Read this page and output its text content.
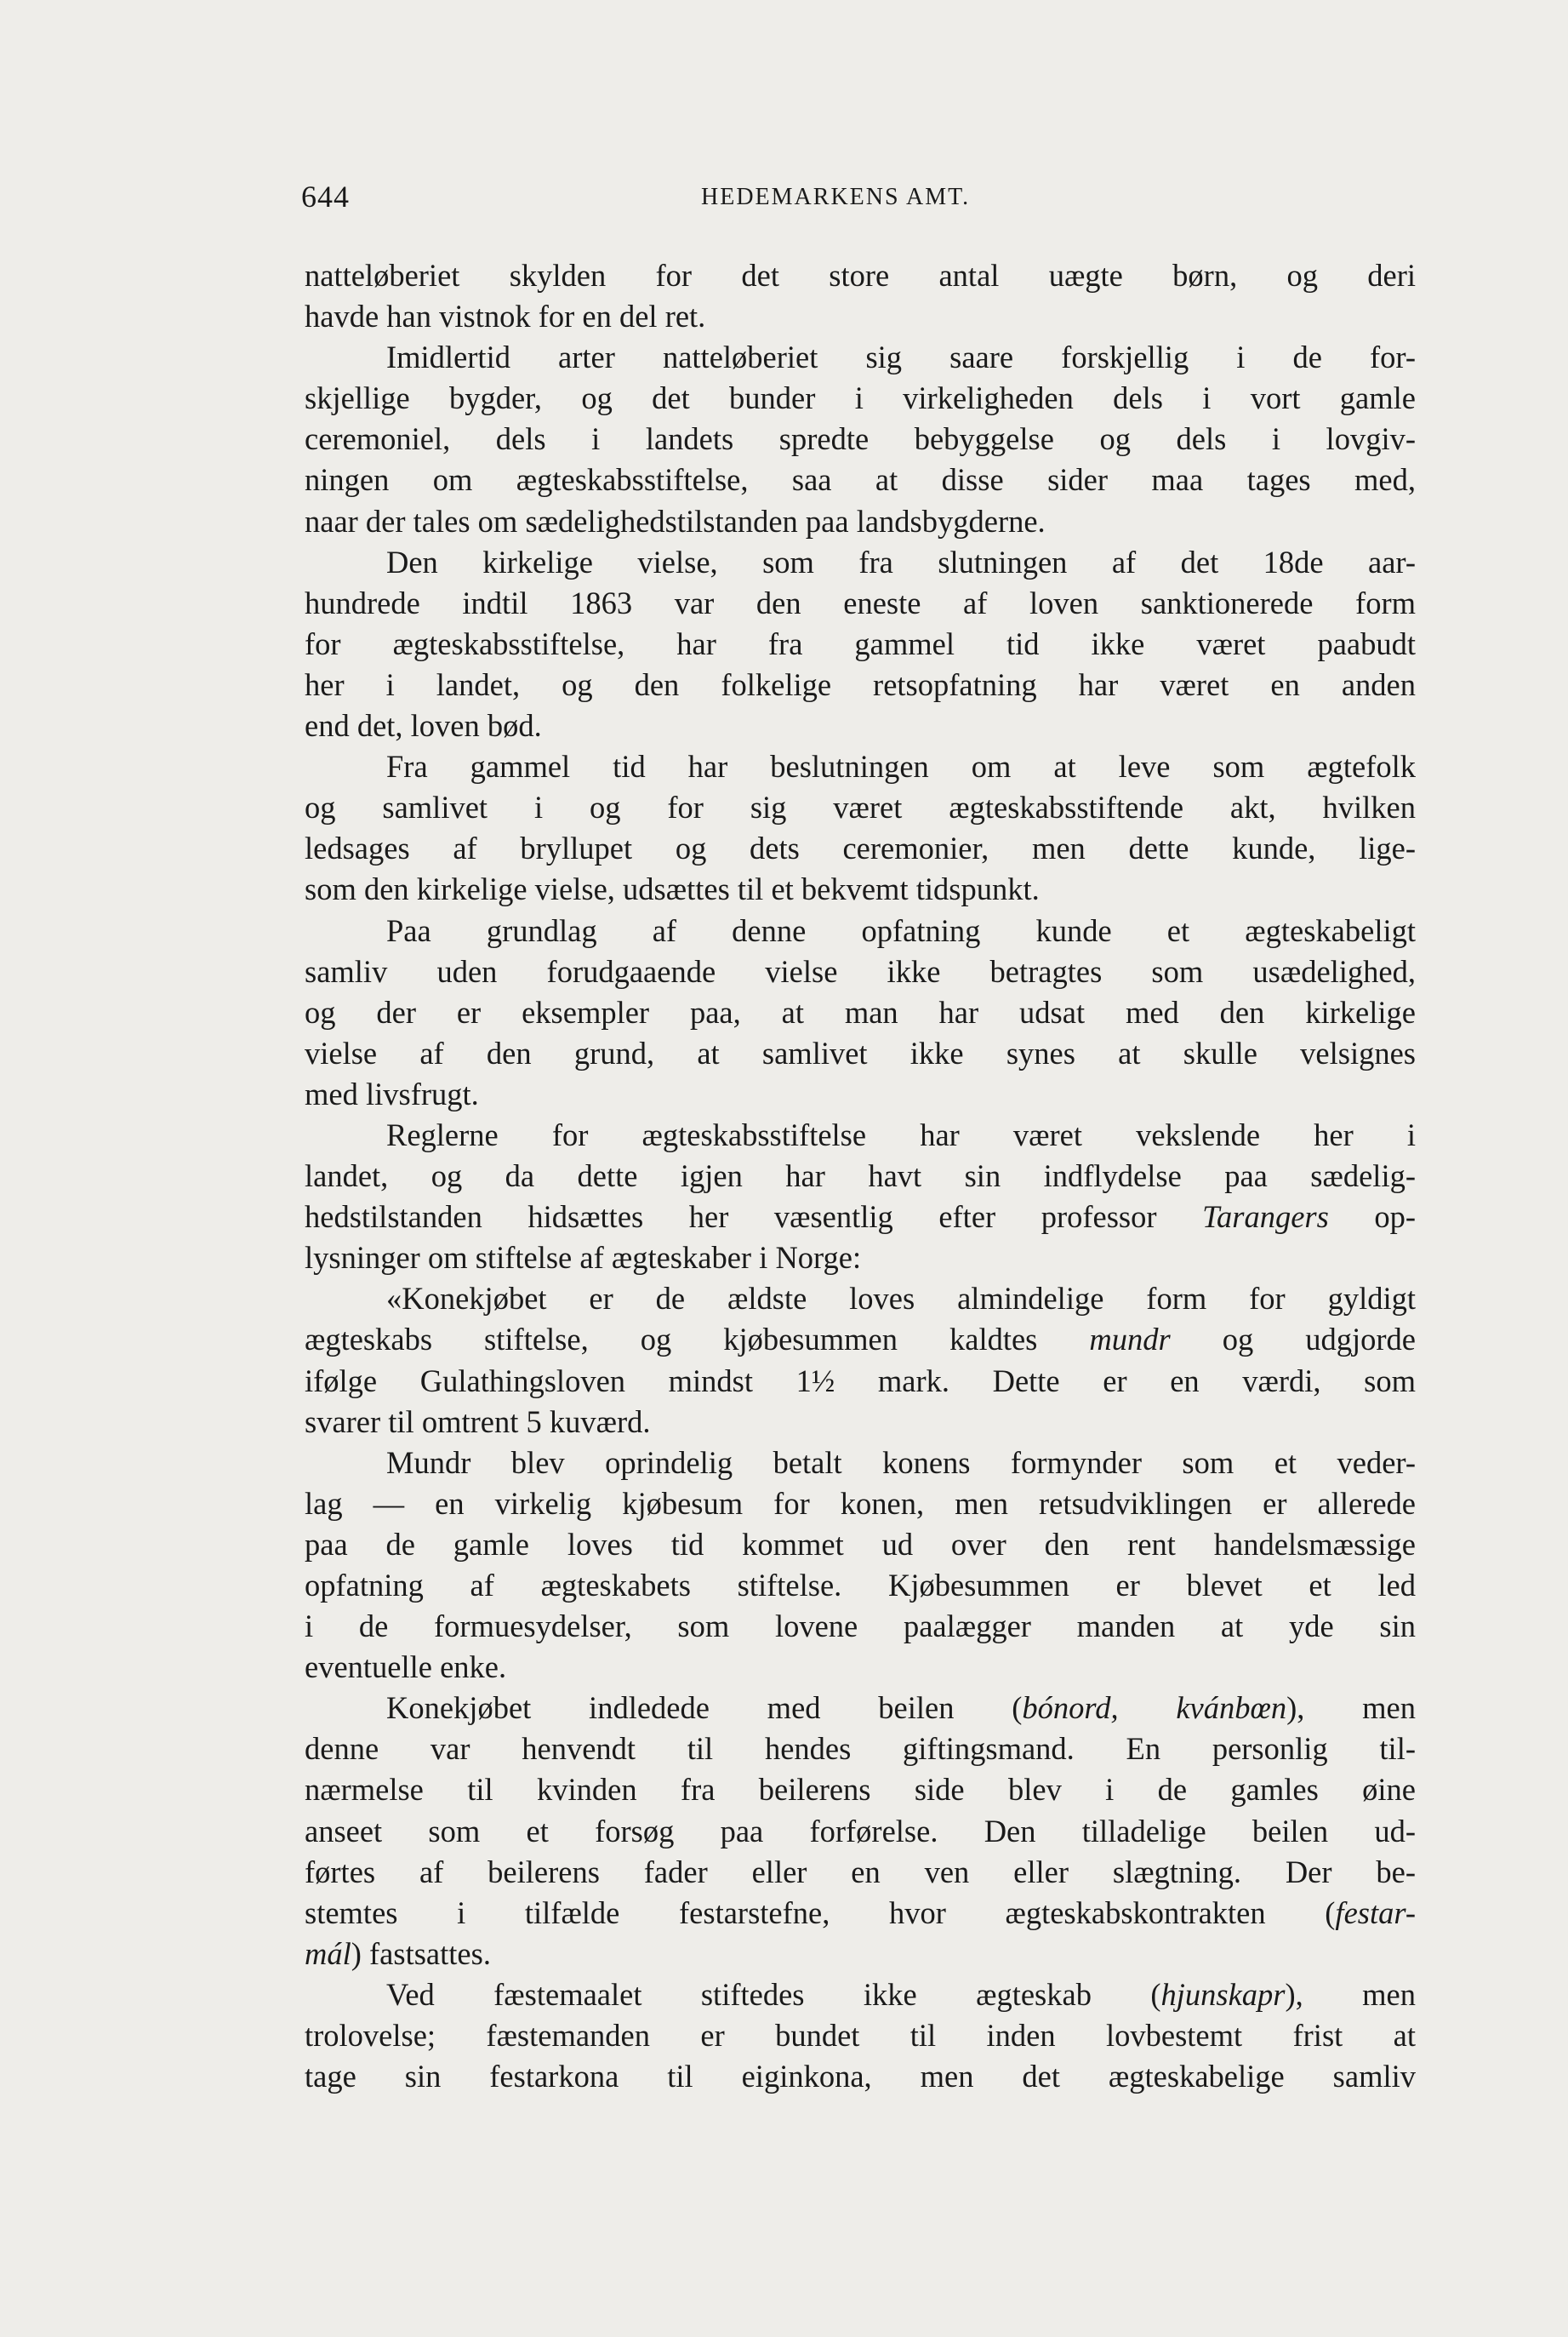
644	HEDEMARKENS AMT.
natteløberiet skylden for det store antal uægte børn, og deri
havde han vistnok for en del ret.
Imidlertid arter natteløberiet sig saare forskjellig i de for-
skjellige bygder, og det bunder i virkeligheden dels i vort gamle
ceremoniel, dels i landets spredte bebyggelse og dels i lovgiv-
ningen om ægteskabsstiftelse, saa at disse sider maa tages med,
naar der tales om sædelighedstilstanden paa landsbygderne.
Den kirkelige vielse, som fra slutningen af det 18de aar-
hundrede indtil 1863 var den eneste af loven sanktionerede form
for ægteskabsstiftelse, har fra gammel tid ikke været paabudt
her i landet, og den folkelige retsopfatning har været en anden
end det, loven bød.
Fra gammel tid har beslutningen om at leve som ægtefolk
og samlivet i og for sig været ægteskabsstiftende akt, hvilken
ledsages af bryllupet og dets ceremonier, men dette kunde, lige-
som den kirkelige vielse, udsættes til et bekvemt tidspunkt.
Paa grundlag af denne opfatning kunde et ægteskabeligt
samliv uden forudgaaende vielse ikke betragtes som usædelighed,
og der er eksempler paa, at man har udsat med den kirkelige
vielse af den grund, at samlivet ikke synes at skulle velsignes
med livsfrugt.
Reglerne for ægteskabsstiftelse har været vekslende her i
landet, og da dette igjen har havt sin indflydelse paa sædelig-
hedstilstanden hidsættes her væsentlig efter professor Tarangers op-
lysninger om stiftelse af ægteskaber i Norge:
«Konekjøbet er de ældste loves almindelige form for gyldigt
ægteskabs stiftelse, og kjøbesummen kaldtes mundr og udgjorde
ifølge Gulathingsloven mindst 1½ mark. Dette er en værdi, som
svarer til omtrent 5 kuværd.
Mundr blev oprindelig betalt konens formynder som et veder-
lag — en virkelig kjøbesum for konen, men retsudviklingen er allerede
paa de gamle loves tid kommet ud over den rent handelsmæssige
opfatning af ægteskabets stiftelse. Kjøbesummen er blevet et led
i de formuesydelser, som lovene paalægger manden at yde sin
eventuelle enke.
Konekjøbet indledede med beilen (bónord, kvánbœn), men
denne var henvendt til hendes giftingsmand. En personlig til-
nærmelse til kvinden fra beilerens side blev i de gamles øine
anseet som et forsøg paa forførelse. Den tilladelige beilen ud-
førtes af beilerens fader eller en ven eller slægtning. Der be-
stemtes i tilfælde festarstefne, hvor ægteskabskontrakten (festar-
mál) fastsattes.
Ved fæstemaalet stiftedes ikke ægteskab (hjunskapr), men
trolovelse; fæstemanden er bundet til inden lovbestemt frist at
tage sin festarkona til eiginkona, men det ægteskabelige samliv
